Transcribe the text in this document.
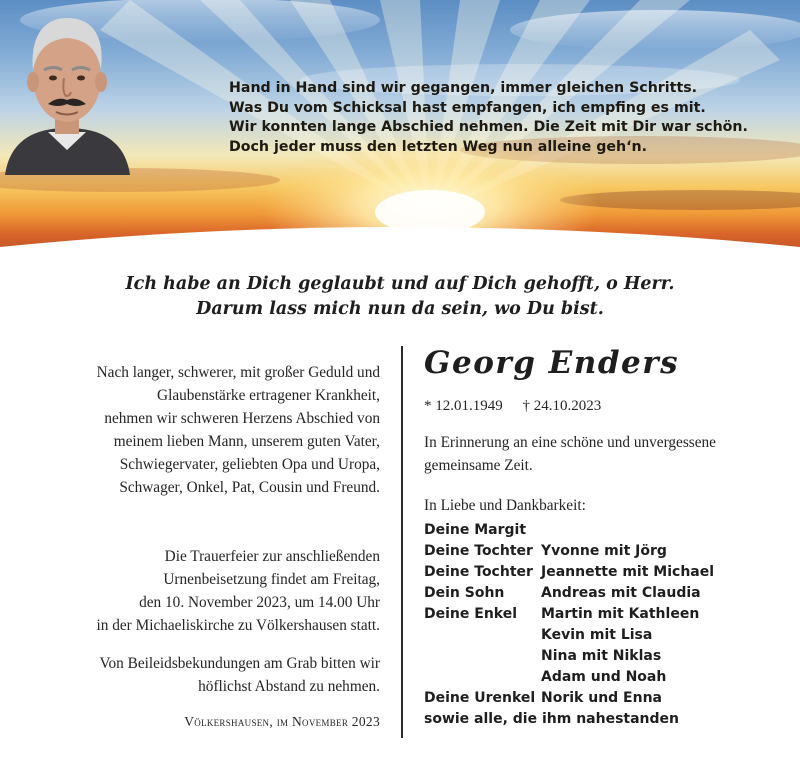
Hand in Hand sind wir gegangen, immer gleichen Schritts.
Was Du vom Schicksal hast empfangen, ich empfing es mit.
Wir konnten lange Abschied nehmen. Die Zeit mit Dir war schön.
Doch jeder muss den letzten Weg nun alleine geh‘n.
Ich habe an Dich geglaubt und auf Dich gehofft, o Herr.
Darum lass mich nun da sein, wo Du bist.

Nach langer, schwerer, mit großer Geduld und
Glaubenstärke ertragener Krankheit,
nehmen wir schweren Herzens Abschied von
meinem lieben Mann, unserem guten Vater,
Schwiegervater, geliebten Opa und Uropa,
Schwager, Onkel, Pat, Cousin und Freund.

Die Trauerfeier zur anschließenden
Urnenbeisetzung findet am Freitag,
den 10. November 2023, um 14.00 Uhr
in der Michaeliskirche zu Völkershausen statt.

Von Beileidsbekundungen am Grab bitten wir
höflichst Abstand zu nehmen.

Völkershausen, im November 2023

Georg Enders
* 12.01.1949 † 24.10.2023
In Erinnerung an eine schöne und unvergessene gemeinsame Zeit.
In Liebe und Dankbarkeit:
Deine Margit
Deine Tochter Yvonne mit Jörg
Deine Tochter Jeannette mit Michael
Dein Sohn	Andreas mit Claudia
Deine Enkel	Martin mit Kathleen
Kevin mit Lisa
Nina mit Niklas
Adam und Noah
Deine Urenkel Norik und Enna
sowie alle, die ihm nahestanden
